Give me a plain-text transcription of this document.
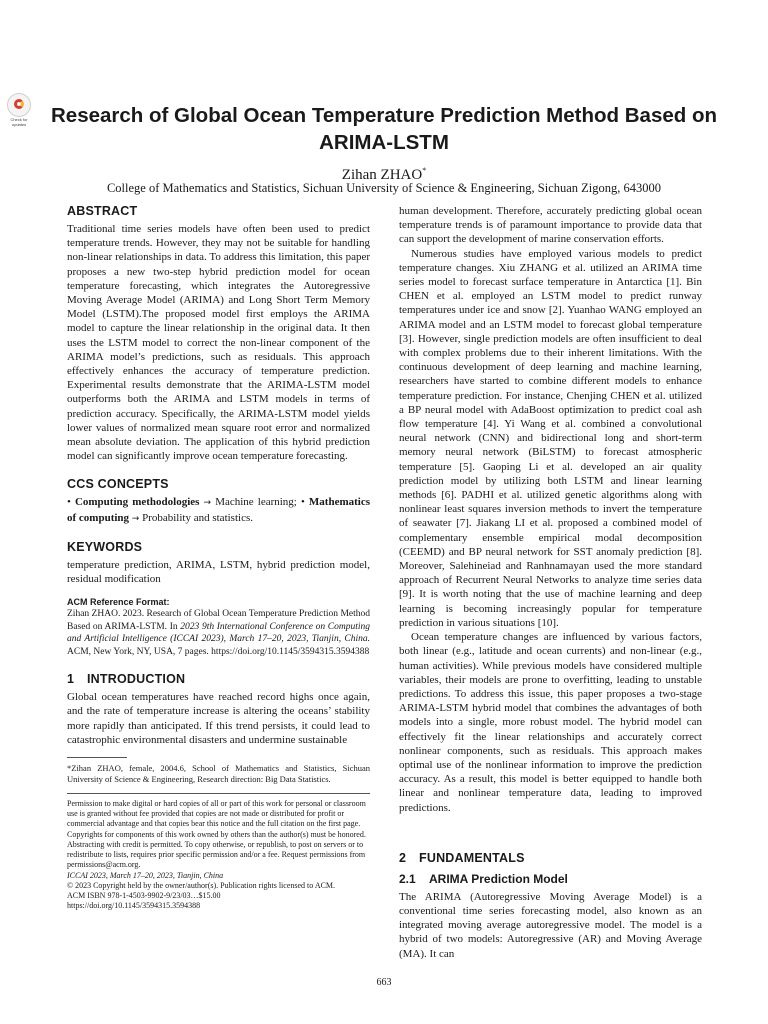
Check for updates	Research of Global Ocean Temperature Prediction Method Based on ARIMA-LSTM
Zihan ZHAO*
College of Mathematics and Statistics, Sichuan University of Science & Engineering, Sichuan Zigong, 643000
ABSTRACT

Traditional time series models have often been used to predict temperature trends. However, they may not be suitable for handling non-linear relationships in data. To address this limitation, this paper proposes a new two-step hybrid prediction model for ocean temperature forecasting, which integrates the Autoregressive Moving Average Model (ARIMA) and Long Short Term Memory Model (LSTM).The proposed model first employs the ARIMA model to capture the linear relationship in the original data. It then uses the LSTM model to correct the non-linear component of the ARIMA model’s predictions, such as residuals. This approach effectively enhances the accuracy of temperature prediction. Experimental results demonstrate that the ARIMA-LSTM model outperforms both the ARIMA and LSTM models in terms of prediction accuracy. Specifically, the ARIMA-LSTM model yields lower values of normalized mean square root error and normalized mean absolute deviation. The application of this hybrid prediction model can significantly improve ocean temperature forecasting.

CCS CONCEPTS

• Computing methodologies → Machine learning; • Mathematics of computing → Probability and statistics.

KEYWORDS

temperature prediction, ARIMA, LSTM, hybrid prediction model, residual modification

ACM Reference Format:

Zihan ZHAO. 2023. Research of Global Ocean Temperature Prediction Method Based on ARIMA-LSTM. In 2023 9th International Conference on Computing and Artificial Intelligence (ICCAI 2023), March 17–20, 2023, Tianjin, China. ACM, New York, NY, USA, 7 pages. https://doi.org/10.1145/3594315.3594388

1 INTRODUCTION

Global ocean temperatures have reached record highs once again, and the rate of temperature increase is altering the oceans’ stability more rapidly than anticipated. If this trend persists, it could lead to catastrophic environmental disasters and undermine sustainable

*Zihan ZHAO, female, 2004.6, School of Mathematics and Statistics, Sichuan University of Science & Engineering, Research direction: Big Data Statistics.

Permission to make digital or hard copies of all or part of this work for personal or classroom use is granted without fee provided that copies are not made or distributed for profit or commercial advantage and that copies bear this notice and the full citation on the first page. Copyrights for components of this work owned by others than the author(s) must be honored. Abstracting with credit is permitted. To copy otherwise, or republish, to post on servers or to redistribute to lists, requires prior specific permission and/or a fee. Request permissions from permissions@acm.org.

ICCAI 2023, March 17–20, 2023, Tianjin, China

© 2023 Copyright held by the owner/author(s). Publication rights licensed to ACM.

ACM ISBN 978-1-4503-9902-9/23/03…$15.00

https://doi.org/10.1145/3594315.3594388

human development. Therefore, accurately predicting global ocean temperature trends is of paramount importance to provide data that can support the development of marine conservation efforts.

Numerous studies have employed various models to predict temperature changes. Xiu ZHANG et al. utilized an ARIMA time series model to forecast surface temperature in Antarctica [1]. Bin CHEN et al. employed an LSTM model to predict runway temperatures under ice and snow [2]. Yuanhao WANG employed an ARIMA model and an LSTM model to forecast global temperature [3]. However, single prediction models are often insufficient to deal with complex problems due to their inherent limitations. With the continuous development of deep learning and machine learning, researchers have started to combine different models to enhance temperature prediction. For instance, Chenjing CHEN et al. utilized a BP neural model with AdaBoost optimization to predict coal ash flow temperature [4]. Yi Wang et al. combined a convolutional neural network (CNN) and bidirectional long and short-term memory neural network (BiLSTM) to forecast atmospheric temperature [5]. Gaoping Li et al. developed an air quality prediction model by utilizing both LSTM and linear learning methods [6]. PADHI et al. utilized genetic algorithms along with nonlinear least squares inversion methods to invert the temperature of seawater [7]. Jiakang LI et al. proposed a combined model of complementary ensemble empirical modal decomposition (CEEMD) and BP neural network for SST anomaly prediction [8]. Moreover, Salehineiad and Ranhnamayan used the more standard approach of Recurrent Neural Networks to analyze time series data [9]. It is worth noting that the use of machine learning and deep learning is becoming increasingly popular for temperature prediction in various situations [10].

Ocean temperature changes are influenced by various factors, both linear (e.g., latitude and ocean currents) and non-linear (e.g., human activities). While previous models have considered multiple variables, their models are prone to overfitting, leading to unstable predictions. To address this issue, this paper proposes a two-stage ARIMA-LSTM hybrid model that combines the advantages of both models into a single, more robust model. The hybrid model can effectively fit the linear relationships and accurately correct nonlinear components, such as residuals. This approach makes optimal use of the nonlinear information to improve the prediction accuracy. As a result, this model is better equipped to handle both linear and nonlinear temperature data, leading to improved predictions.

2 FUNDAMENTALS
2.1 ARIMA Prediction Model

The ARIMA (Autoregressive Moving Average Model) is a conventional time series forecasting model, also known as an integrated moving average autoregressive model. The model is a hybrid of two models: Autoregressive (AR) and Moving Average (MA). It can

663
